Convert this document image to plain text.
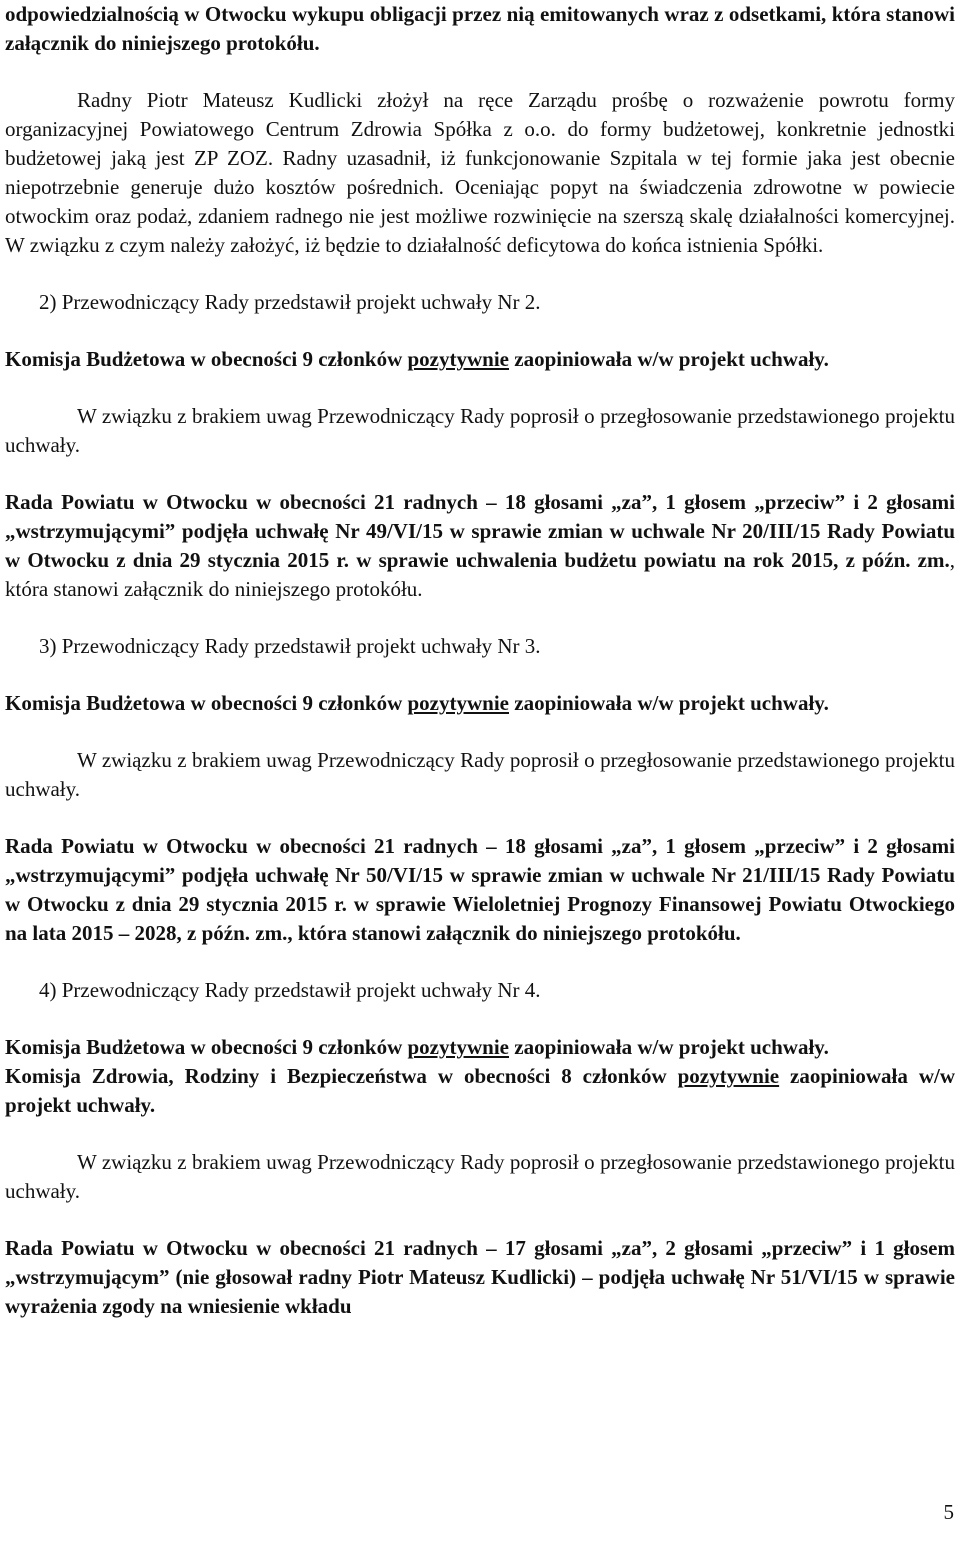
odpowiedzialnością w Otwocku wykupu obligacji przez nią emitowanych wraz z odsetkami, która stanowi załącznik do niniejszego protokółu.

Radny Piotr Mateusz Kudlicki złożył na ręce Zarządu prośbę o rozważenie powrotu formy organizacyjnej Powiatowego Centrum Zdrowia Spółka z o.o. do formy budżetowej, konkretnie jednostki budżetowej jaką jest ZP ZOZ. Radny uzasadnił, iż funkcjonowanie Szpitala w tej formie jaka jest obecnie niepotrzebnie generuje dużo kosztów pośrednich. Oceniając popyt na świadczenia zdrowotne w powiecie otwockim oraz podaż, zdaniem radnego nie jest możliwe rozwinięcie na szerszą skalę działalności komercyjnej. W związku z czym należy założyć, iż będzie to działalność deficytowa do końca istnienia Spółki.

2) Przewodniczący Rady przedstawił projekt uchwały Nr 2.

Komisja Budżetowa w obecności 9 członków pozytywnie zaopiniowała w/w projekt uchwały.

W związku z brakiem uwag Przewodniczący Rady poprosił o przegłosowanie przedstawionego projektu uchwały.

Rada Powiatu w Otwocku w obecności 21 radnych – 18 głosami „za”, 1 głosem „przeciw” i 2 głosami „wstrzymującymi” podjęła uchwałę Nr 49/VI/15 w sprawie zmian w uchwale Nr 20/III/15 Rady Powiatu w Otwocku z dnia 29 stycznia 2015 r. w sprawie uchwalenia budżetu powiatu na rok 2015, z późn. zm., która stanowi załącznik do niniejszego protokółu.

3) Przewodniczący Rady przedstawił projekt uchwały Nr 3.

Komisja Budżetowa w obecności 9 członków pozytywnie zaopiniowała w/w projekt uchwały.

W związku z brakiem uwag Przewodniczący Rady poprosił o przegłosowanie przedstawionego projektu uchwały.

Rada Powiatu w Otwocku w obecności 21 radnych – 18 głosami „za”, 1 głosem „przeciw” i 2 głosami „wstrzymującymi” podjęła uchwałę Nr 50/VI/15 w sprawie zmian w uchwale Nr 21/III/15 Rady Powiatu w Otwocku z dnia 29 stycznia 2015 r. w sprawie Wieloletniej Prognozy Finansowej Powiatu Otwockiego na lata 2015 – 2028, z późn. zm., która stanowi załącznik do niniejszego protokółu.

4) Przewodniczący Rady przedstawił projekt uchwały Nr 4.

Komisja Budżetowa w obecności 9 członków pozytywnie zaopiniowała w/w projekt uchwały.

Komisja Zdrowia, Rodziny i Bezpieczeństwa w obecności 8 członków pozytywnie zaopiniowała w/w projekt uchwały.

W związku z brakiem uwag Przewodniczący Rady poprosił o przegłosowanie przedstawionego projektu uchwały.

Rada Powiatu w Otwocku w obecności 21 radnych – 17 głosami „za”, 2 głosami „przeciw” i 1 głosem „wstrzymującym” (nie głosował radny Piotr Mateusz Kudlicki) – podjęła uchwałę Nr 51/VI/15 w sprawie wyrażenia zgody na wniesienie wkładu

5
